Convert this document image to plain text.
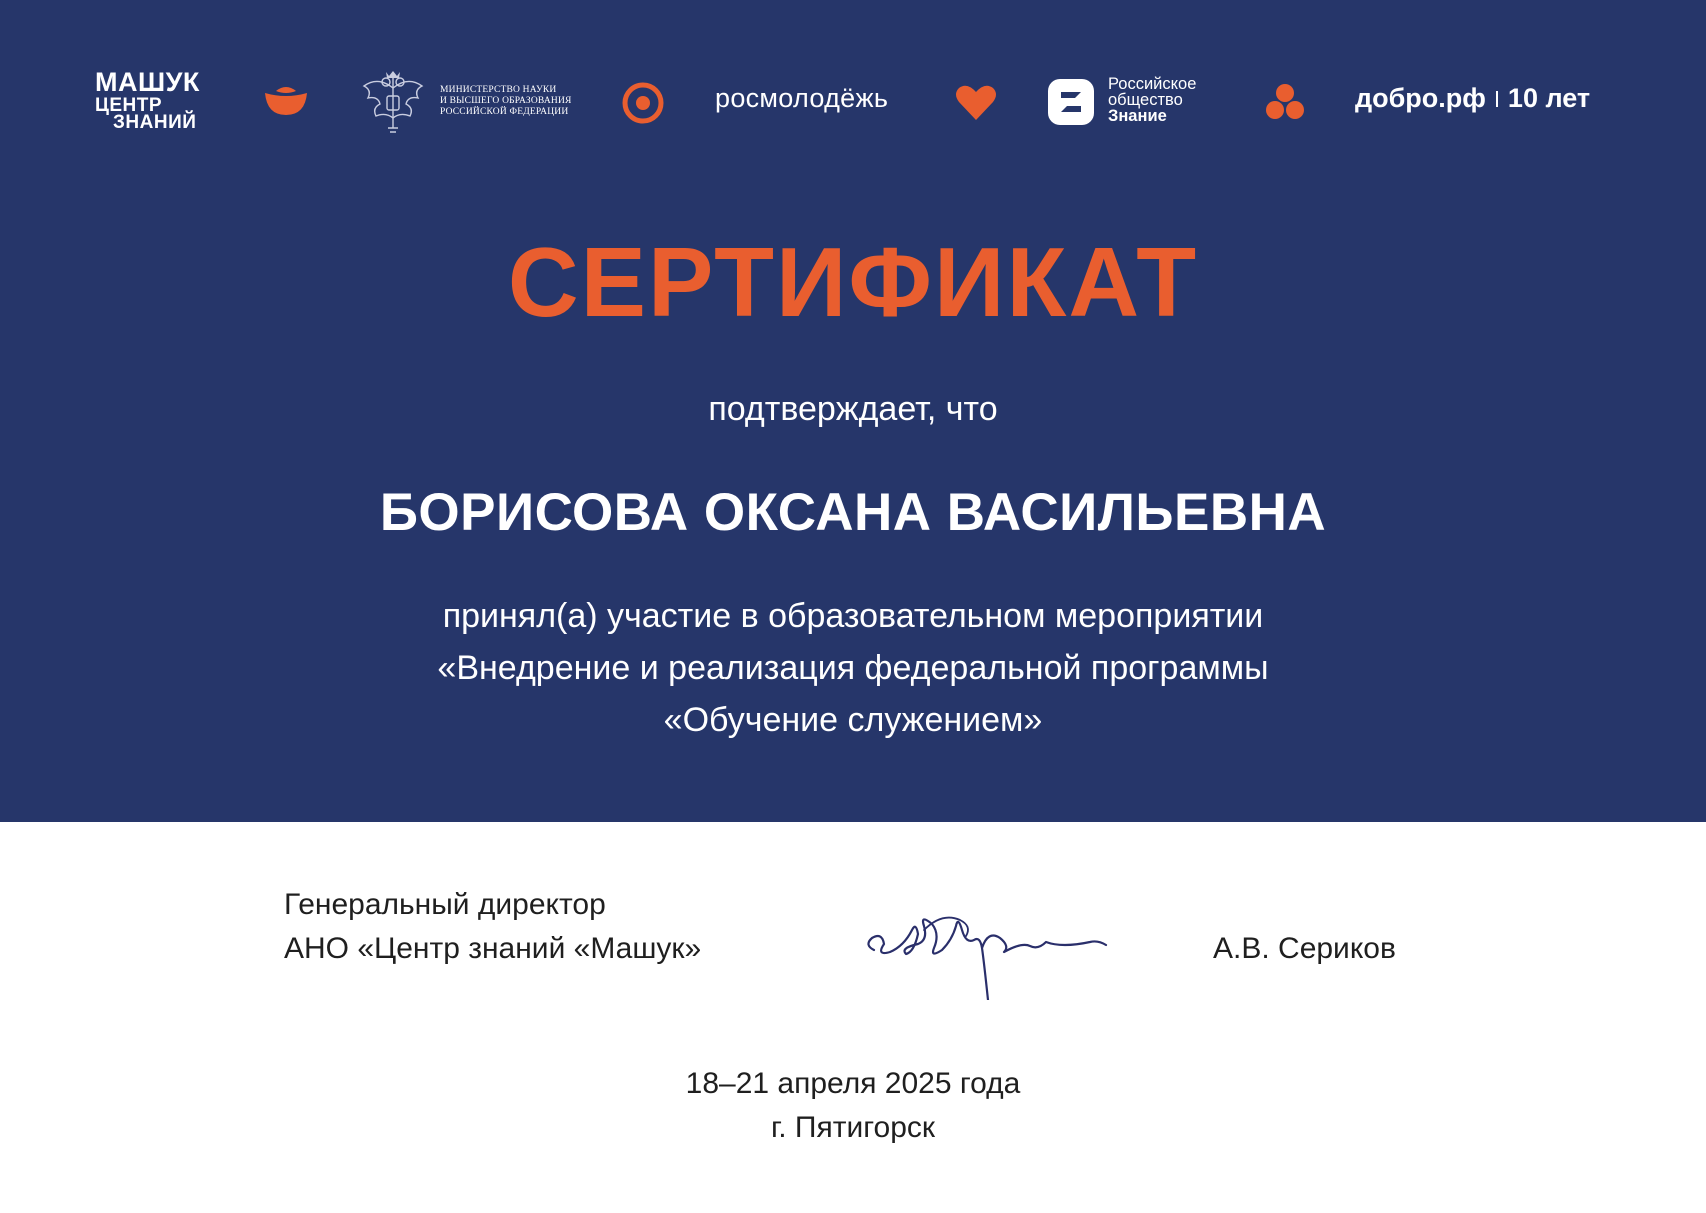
МАШУК
ЦЕНТР
ЗНАНИЙ
МИНИСТЕРСТВО НАУКИ
И ВЫСШЕГО ОБРАЗОВАНИЯ
РОССИЙСКОЙ ФЕДЕРАЦИИ	росмолодёжь	Российское
общество
Знание
добро.рф 10 лет
СЕРТИФИКАТ
подтверждает, что
БОРИСОВА ОКСАНА ВАСИЛЬЕВНА
принял(а) участие в образовательном мероприятии
«Внедрение и реализация федеральной программы
«Обучение служением»
Генеральный директор
АНО «Центр знаний «Машук»	А.В. Сериков
18–21 апреля 2025 года
г. Пятигорск
